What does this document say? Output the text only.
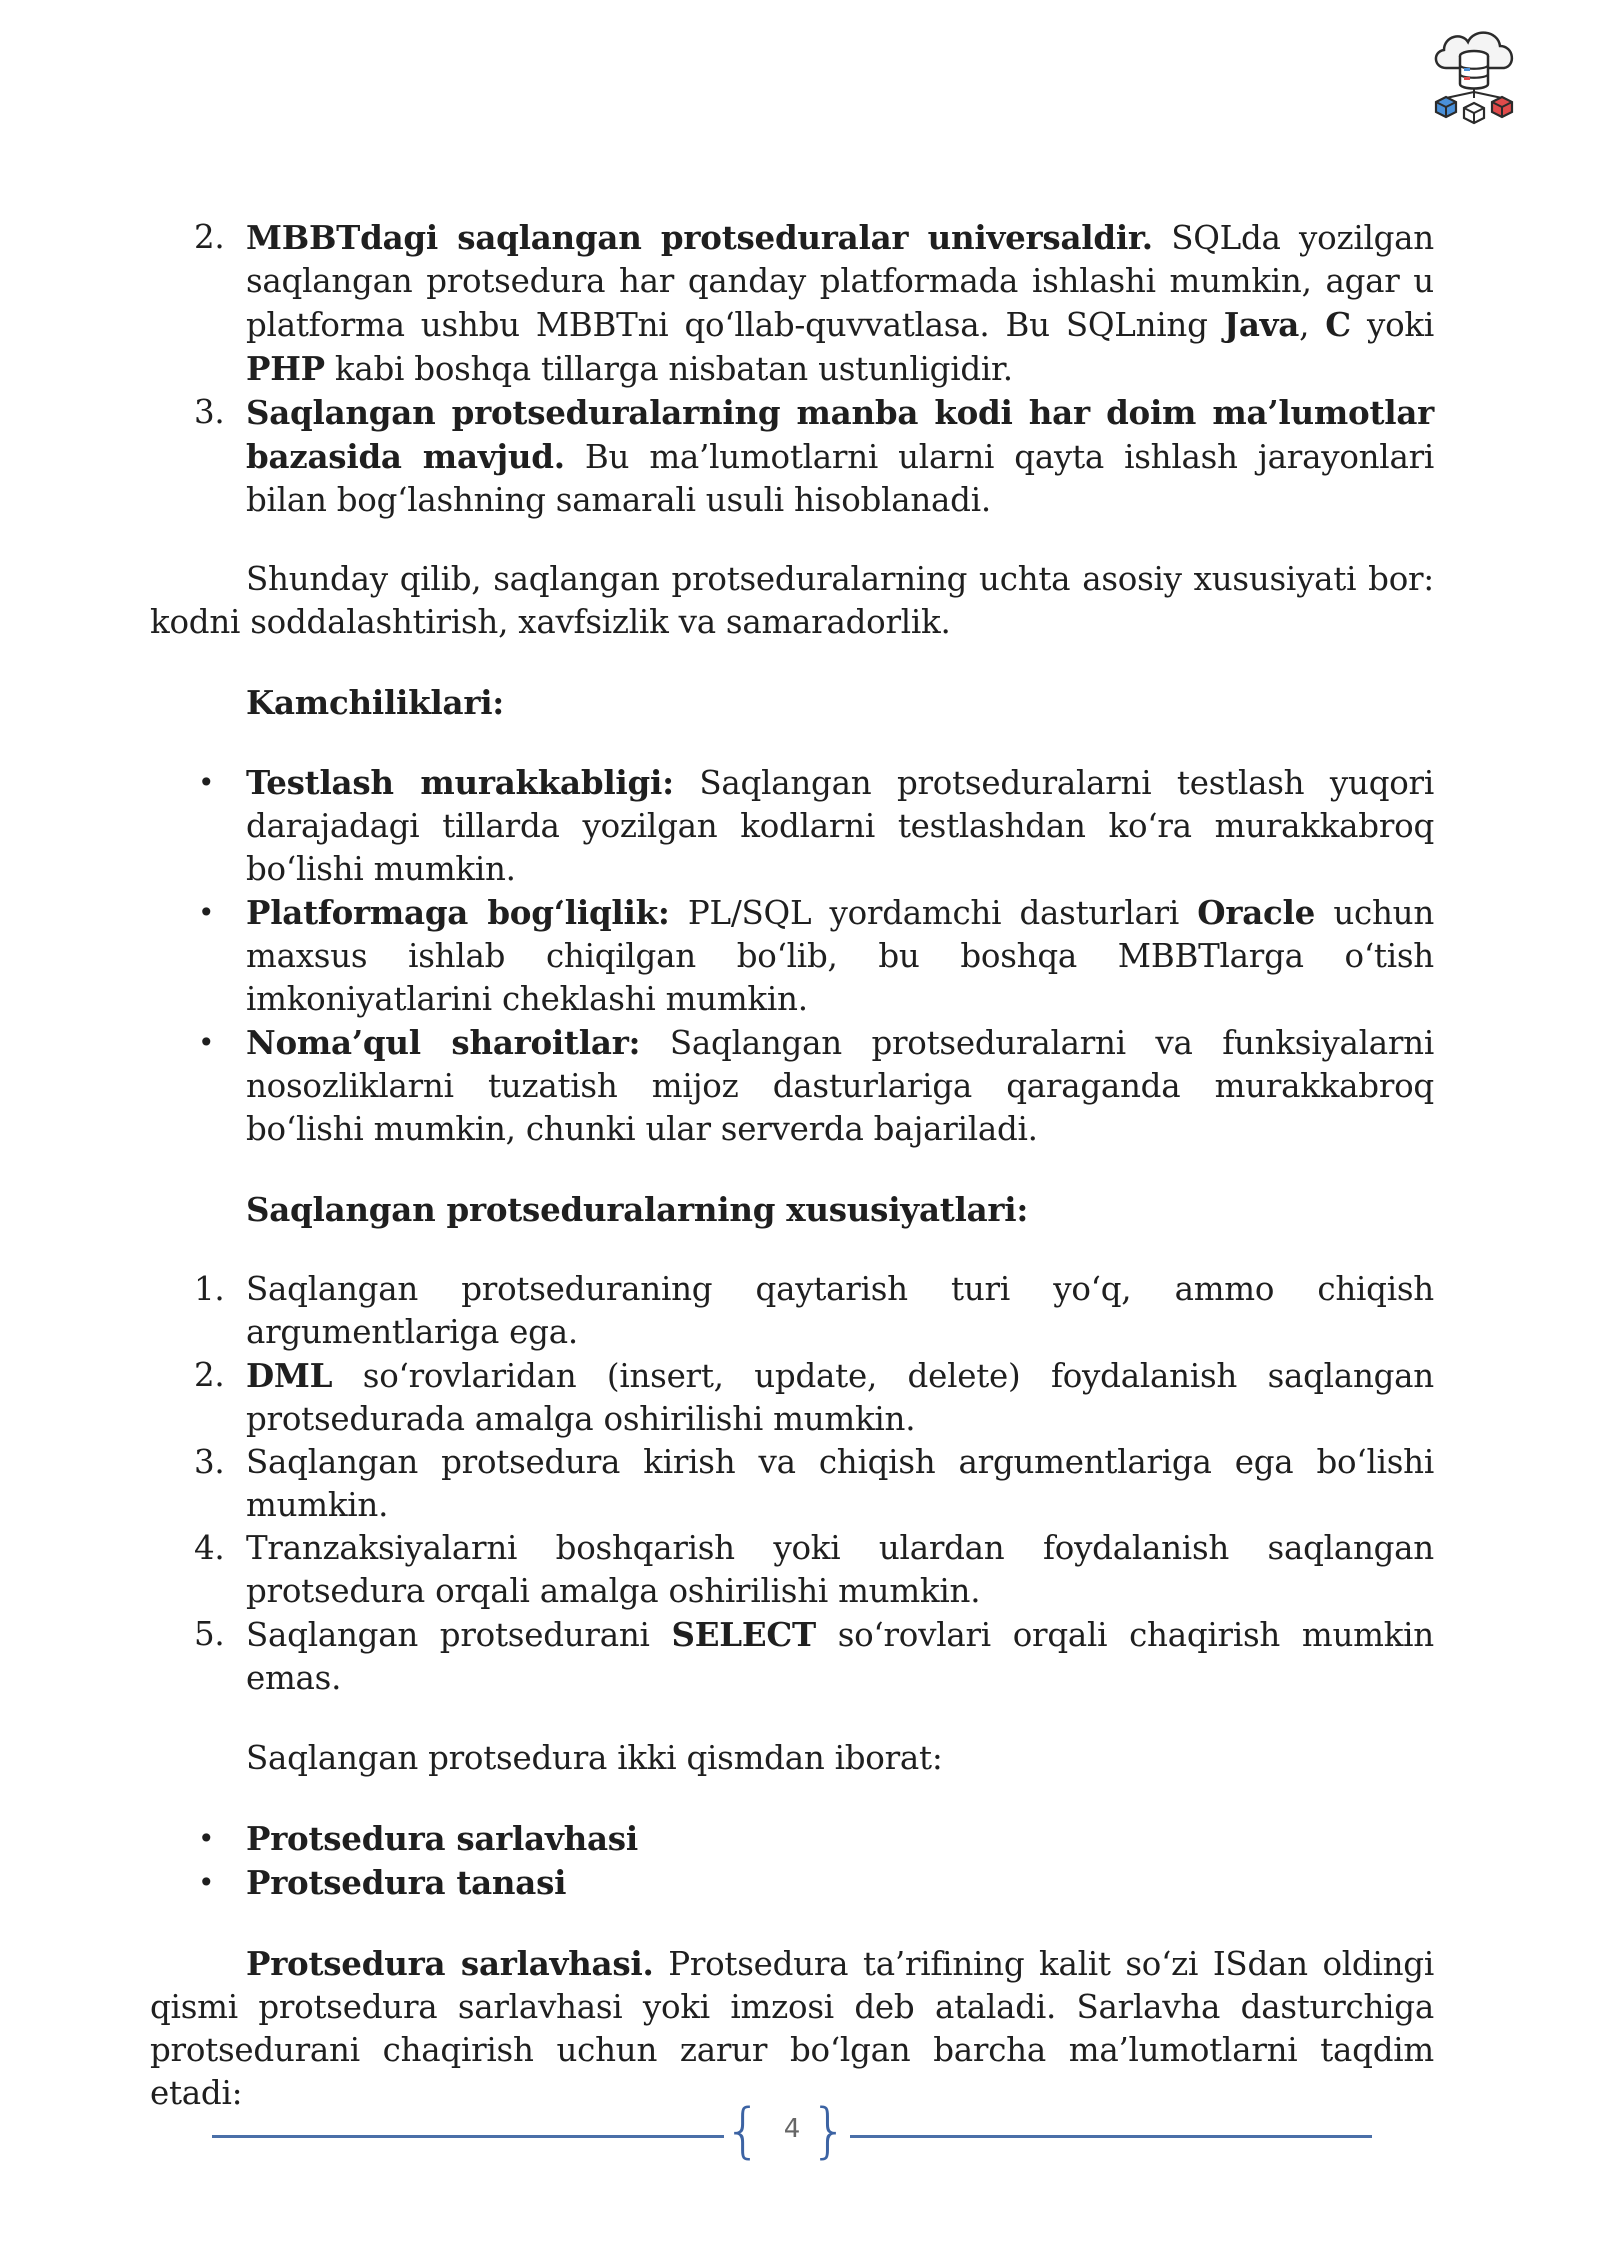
2. MBBTdagi saqlangan protseduralar universaldir. SQLda yozilgan saqlangan protsedura har qanday platformada ishlashi mumkin, agar u platforma ushbu MBBTni qo‘llab-quvvatlasa. Bu SQLning Java, C yoki PHP kabi boshqa tillarga nisbatan ustunligidir.
3. Saqlangan protseduralarning manba kodi har doim ma’lumotlar bazasida mavjud. Bu ma’lumotlarni ularni qayta ishlash jarayonlari bilan bog‘lashning samarali usuli hisoblanadi.

Shunday qilib, saqlangan protseduralarning uchta asosiy xususiyati bor: kodni soddalashtirish, xavfsizlik va samaradorlik.

Kamchiliklari:

• Testlash murakkabligi: Saqlangan protseduralarni testlash yuqori darajadagi tillarda yozilgan kodlarni testlashdan ko‘ra murakkabroq bo‘lishi mumkin.
• Platformaga bog‘liqlik: PL/SQL yordamchi dasturlari Oracle uchun maxsus ishlab chiqilgan bo‘lib, bu boshqa MBBTlarga o‘tish imkoniyatlarini cheklashi mumkin.
• Noma’qul sharoitlar: Saqlangan protseduralarni va funksiyalarni nosozliklarni tuzatish mijoz dasturlariga qaraganda murakkabroq bo‘lishi mumkin, chunki ular serverda bajariladi.

Saqlangan protseduralarning xususiyatlari:

1. Saqlangan protseduraning qaytarish turi yo‘q, ammo chiqish argumentlariga ega.
2. DML so‘rovlaridan (insert, update, delete) foydalanish saqlangan protsedurada amalga oshirilishi mumkin.
3. Saqlangan protsedura kirish va chiqish argumentlariga ega bo‘lishi mumkin.
4. Tranzaksiyalarni boshqarish yoki ulardan foydalanish saqlangan protsedura orqali amalga oshirilishi mumkin.
5. Saqlangan protsedurani SELECT so‘rovlari orqali chaqirish mumkin emas.

Saqlangan protsedura ikki qismdan iborat:

• Protsedura sarlavhasi
• Protsedura tanasi

Protsedura sarlavhasi. Protsedura ta’rifining kalit so‘zi ISdan oldingi qismi protsedura sarlavhasi yoki imzosi deb ataladi. Sarlavha dasturchiga protsedurani chaqirish uchun zarur bo‘lgan barcha ma’lumotlarni taqdim etadi:

{ 4 }
